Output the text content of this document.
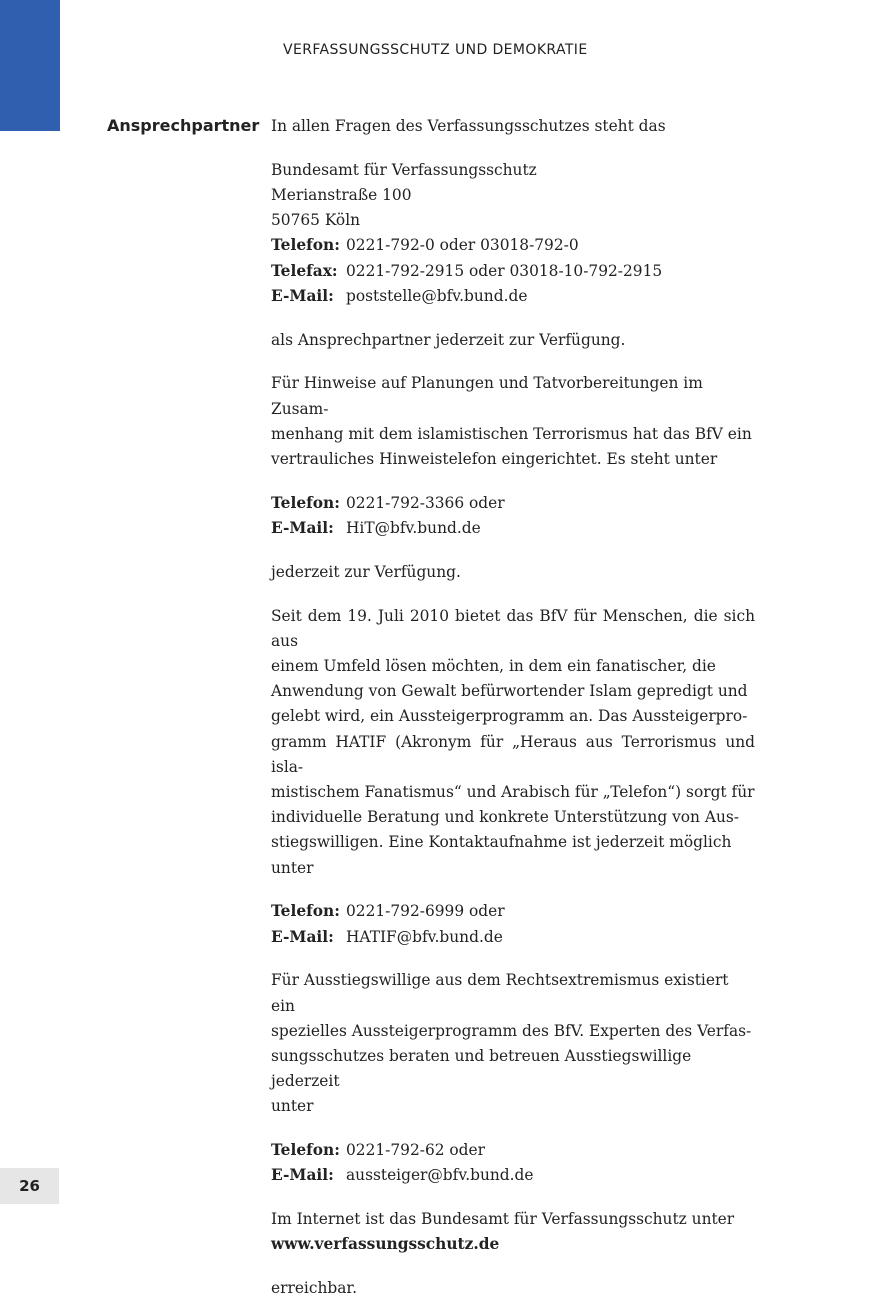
VERFASSUNGSSCHUTZ UND DEMOKRATIE
Ansprechpartner In allen Fragen des Verfassungsschutzes steht das

Bundesamt für Verfassungsschutz

Merianstraße 100

50765 Köln

Telefon: 0221-792-0 oder 03018-792-0
Telefax: 0221-792-2915 oder 03018-10-792-2915
E-Mail: poststelle@bfv.bund.de

als Ansprechpartner jederzeit zur Verfügung.

Für Hinweise auf Planungen und Tatvorbereitungen im Zusam-

menhang mit dem islamistischen Terrorismus hat das BfV ein

vertrauliches Hinweistelefon eingerichtet. Es steht unter

Telefon: 0221-792-3366 oder
E-Mail: HiT@bfv.bund.de

jederzeit zur Verfügung.

Seit dem 19. Juli 2010 bietet das BfV für Menschen, die sich aus

einem Umfeld lösen möchten, in dem ein fanatischer, die

Anwendung von Gewalt befürwortender Islam gepredigt und

gelebt wird, ein Aussteigerprogramm an. Das Aussteigerpro-

gramm HATIF (Akronym für „Heraus aus Terrorismus und isla-

mistischem Fanatismus“ und Arabisch für „Telefon“) sorgt für

individuelle Beratung und konkrete Unterstützung von Aus-

stiegswilligen. Eine Kontaktaufnahme ist jederzeit möglich

unter

Telefon: 0221-792-6999 oder
E-Mail: HATIF@bfv.bund.de

Für Ausstiegswillige aus dem Rechtsextremismus existiert ein

spezielles Aussteigerprogramm des BfV. Experten des Verfas-

sungsschutzes beraten und betreuen Ausstiegswillige jederzeit

unter

Telefon: 0221-792-62 oder
E-Mail: aussteiger@bfv.bund.de

Im Internet ist das Bundesamt für Verfassungsschutz unter

www.verfassungsschutz.de

erreichbar.

26
